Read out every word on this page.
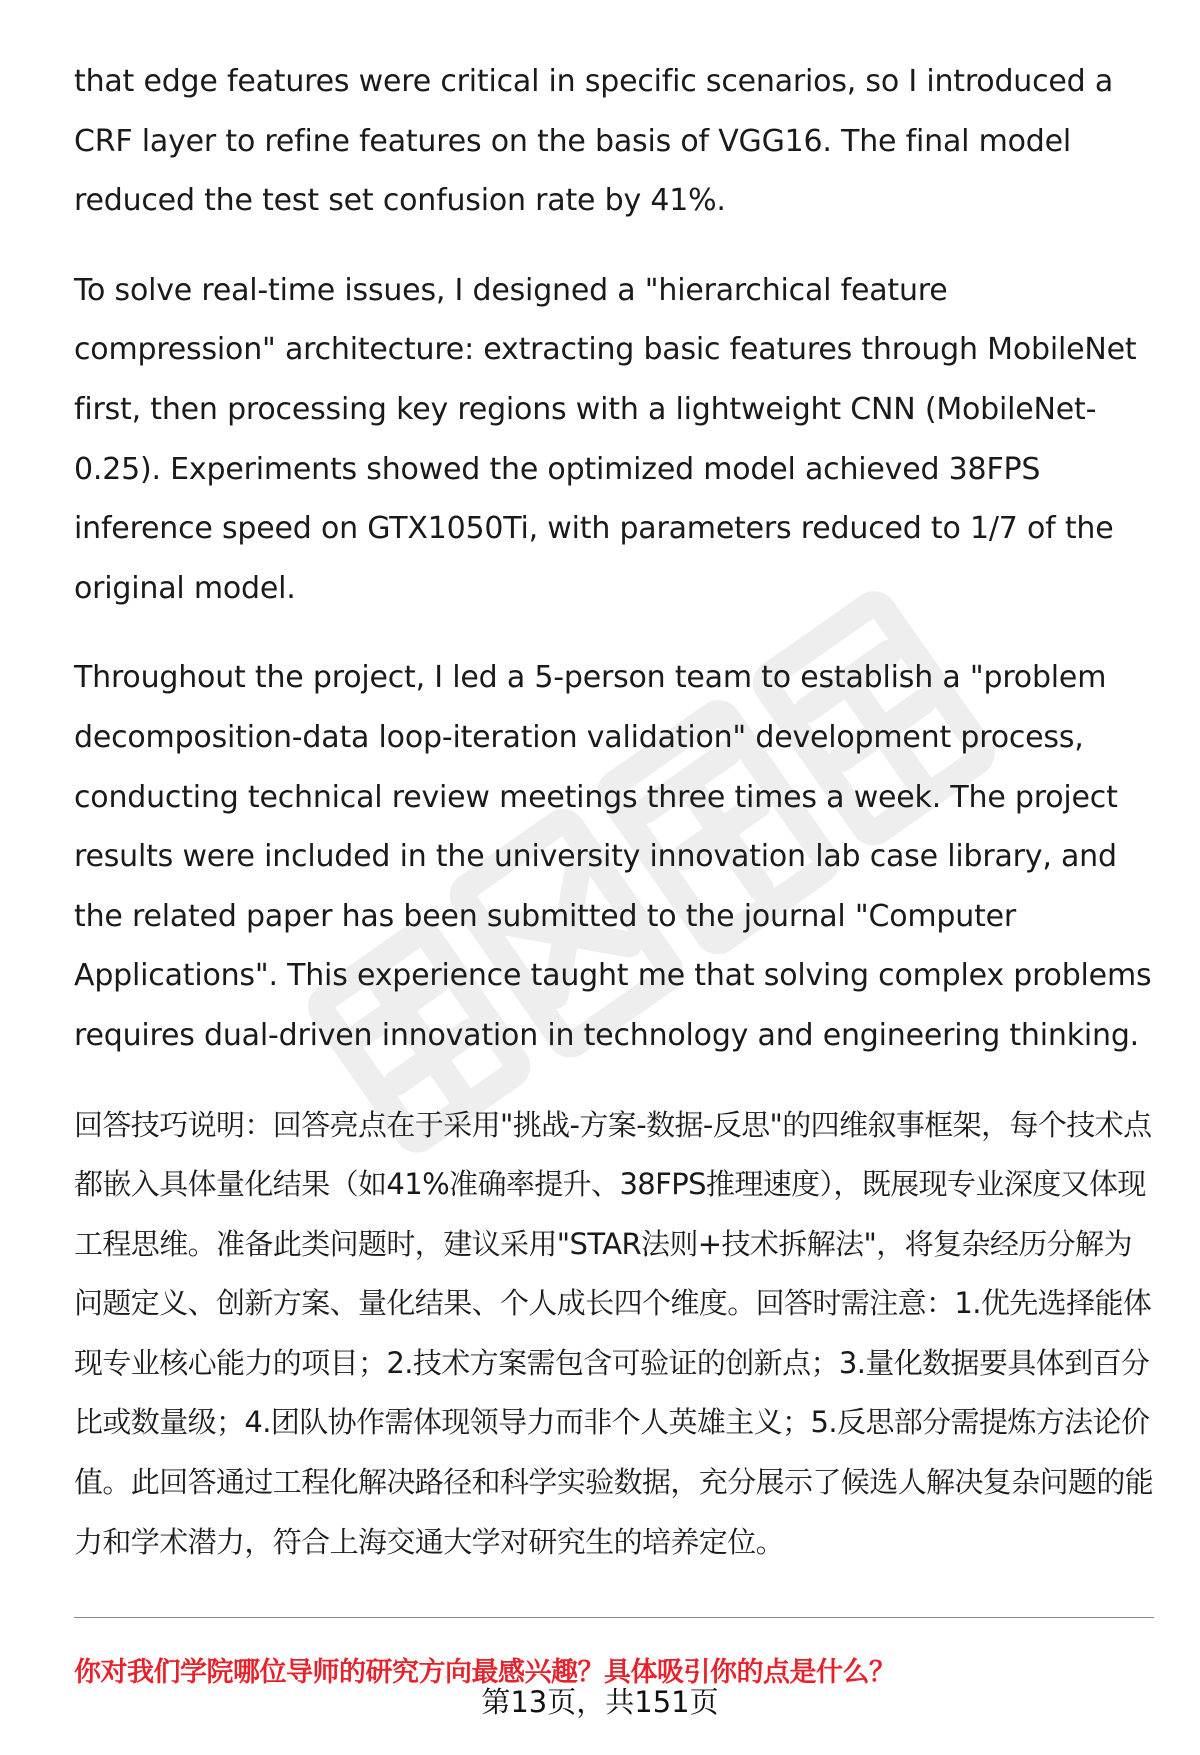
that edge features were critical in specific scenarios, so I introduced a CRF layer to refine features on the basis of VGG16. The final model reduced the test set confusion rate by 41%.

To solve real-time issues, I designed a "hierarchical feature compression" architecture: extracting basic features through MobileNet first, then processing key regions with a lightweight CNN (MobileNet-0.25). Experiments showed the optimized model achieved 38FPS inference speed on GTX1050Ti, with parameters reduced to 1/7 of the original model.

Throughout the project, I led a 5-person team to establish a "problem decomposition-data loop-iteration validation" development process, conducting technical review meetings three times a week. The project results were included in the university innovation lab case library, and the related paper has been submitted to the journal "Computer Applications". This experience taught me that solving complex problems requires dual-driven innovation in technology and engineering thinking.

回答技巧说明：回答亮点在于采用"挑战-方案-数据-反思"的四维叙事框架，每个技术点都嵌入具体量化结果（如41%准确率提升、38FPS推理速度），既展现专业深度又体现工程思维。准备此类问题时，建议采用"STAR法则+技术拆解法"，将复杂经历分解为问题定义、创新方案、量化结果、个人成长四个维度。回答时需注意：1.优先选择能体现专业核心能力的项目；2.技术方案需包含可验证的创新点；3.量化数据要具体到百分比或数量级；4.团队协作需体现领导力而非个人英雄主义；5.反思部分需提炼方法论价值。此回答通过工程化解决路径和科学实验数据，充分展示了候选人解决复杂问题的能力和学术潜力，符合上海交通大学对研究生的培养定位。

你对我们学院哪位导师的研究方向最感兴趣？具体吸引你的点是什么？
第13页，共151页
